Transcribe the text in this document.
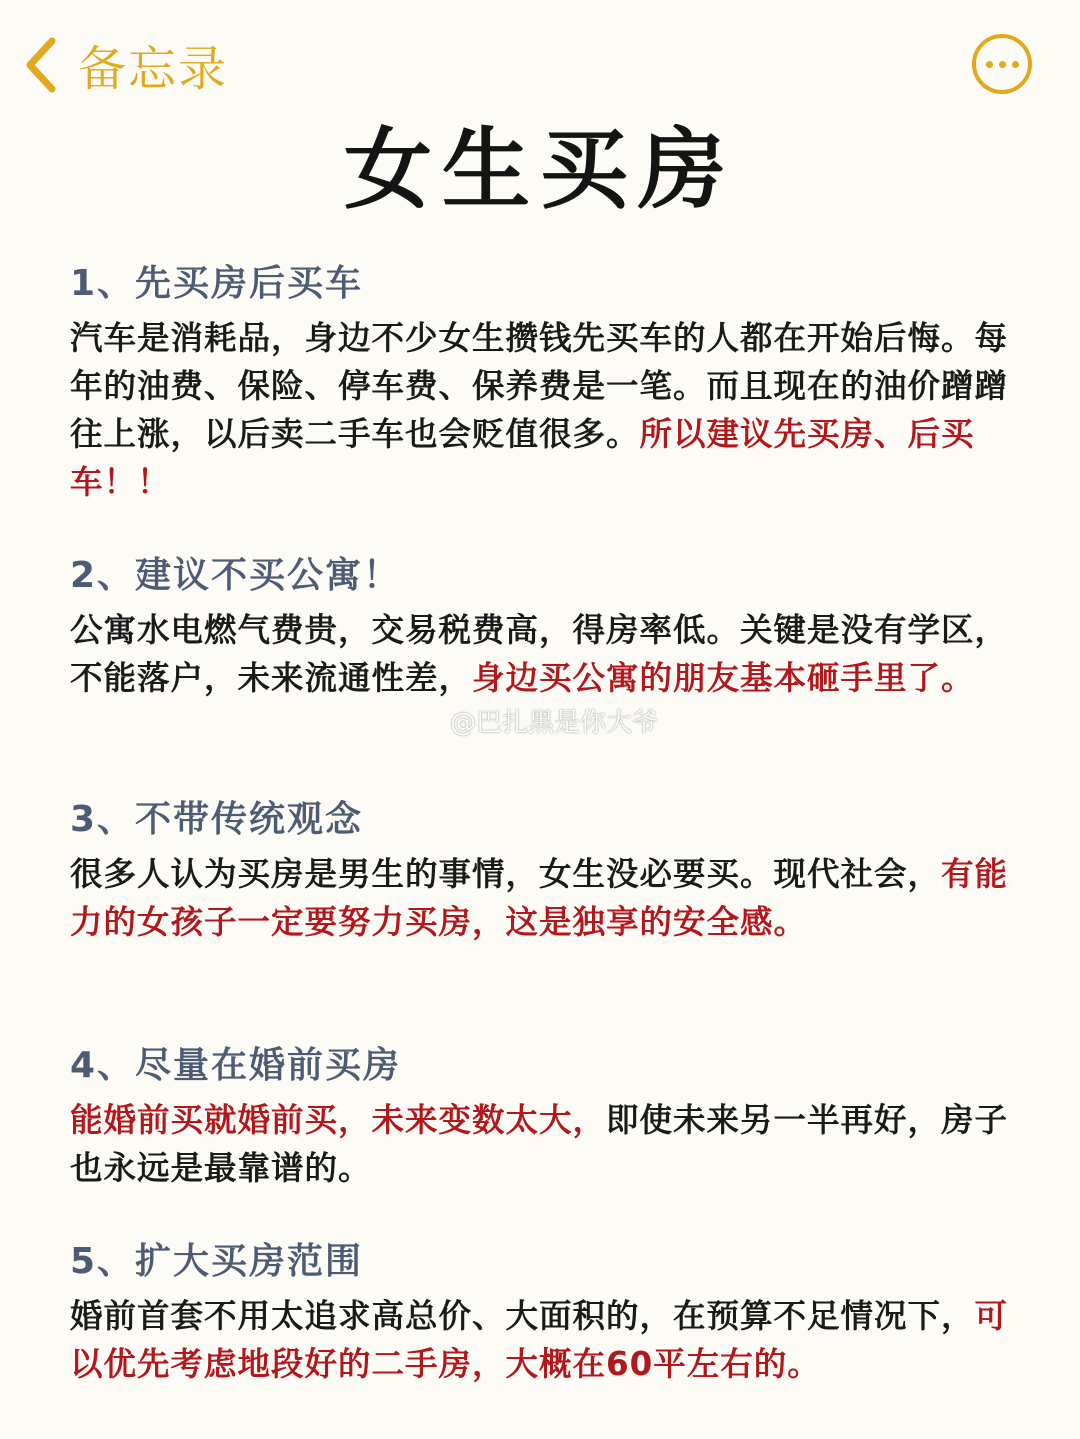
备忘录
女生买房
1、先买房后买车
汽车是消耗品，身边不少女生攒钱先买车的人都在开始后悔。每年的油费、保险、停车费、保养费是一笔。而且现在的油价蹭蹭往上涨，以后卖二手车也会贬值很多。所以建议先买房、后买车！！
2、建议不买公寓！
公寓水电燃气费贵，交易税费高，得房率低。关键是没有学区，不能落户，未来流通性差，身边买公寓的朋友基本砸手里了。
3、不带传统观念
很多人认为买房是男生的事情，女生没必要买。现代社会，有能力的女孩子一定要努力买房，这是独享的安全感。
4、尽量在婚前买房
能婚前买就婚前买，未来变数太大，即使未来另一半再好，房子也永远是最靠谱的。
5、扩大买房范围
婚前首套不用太追求高总价、大面积的，在预算不足情况下，可以优先考虑地段好的二手房，大概在60平左右的。
@巴扎黑是你大爷
